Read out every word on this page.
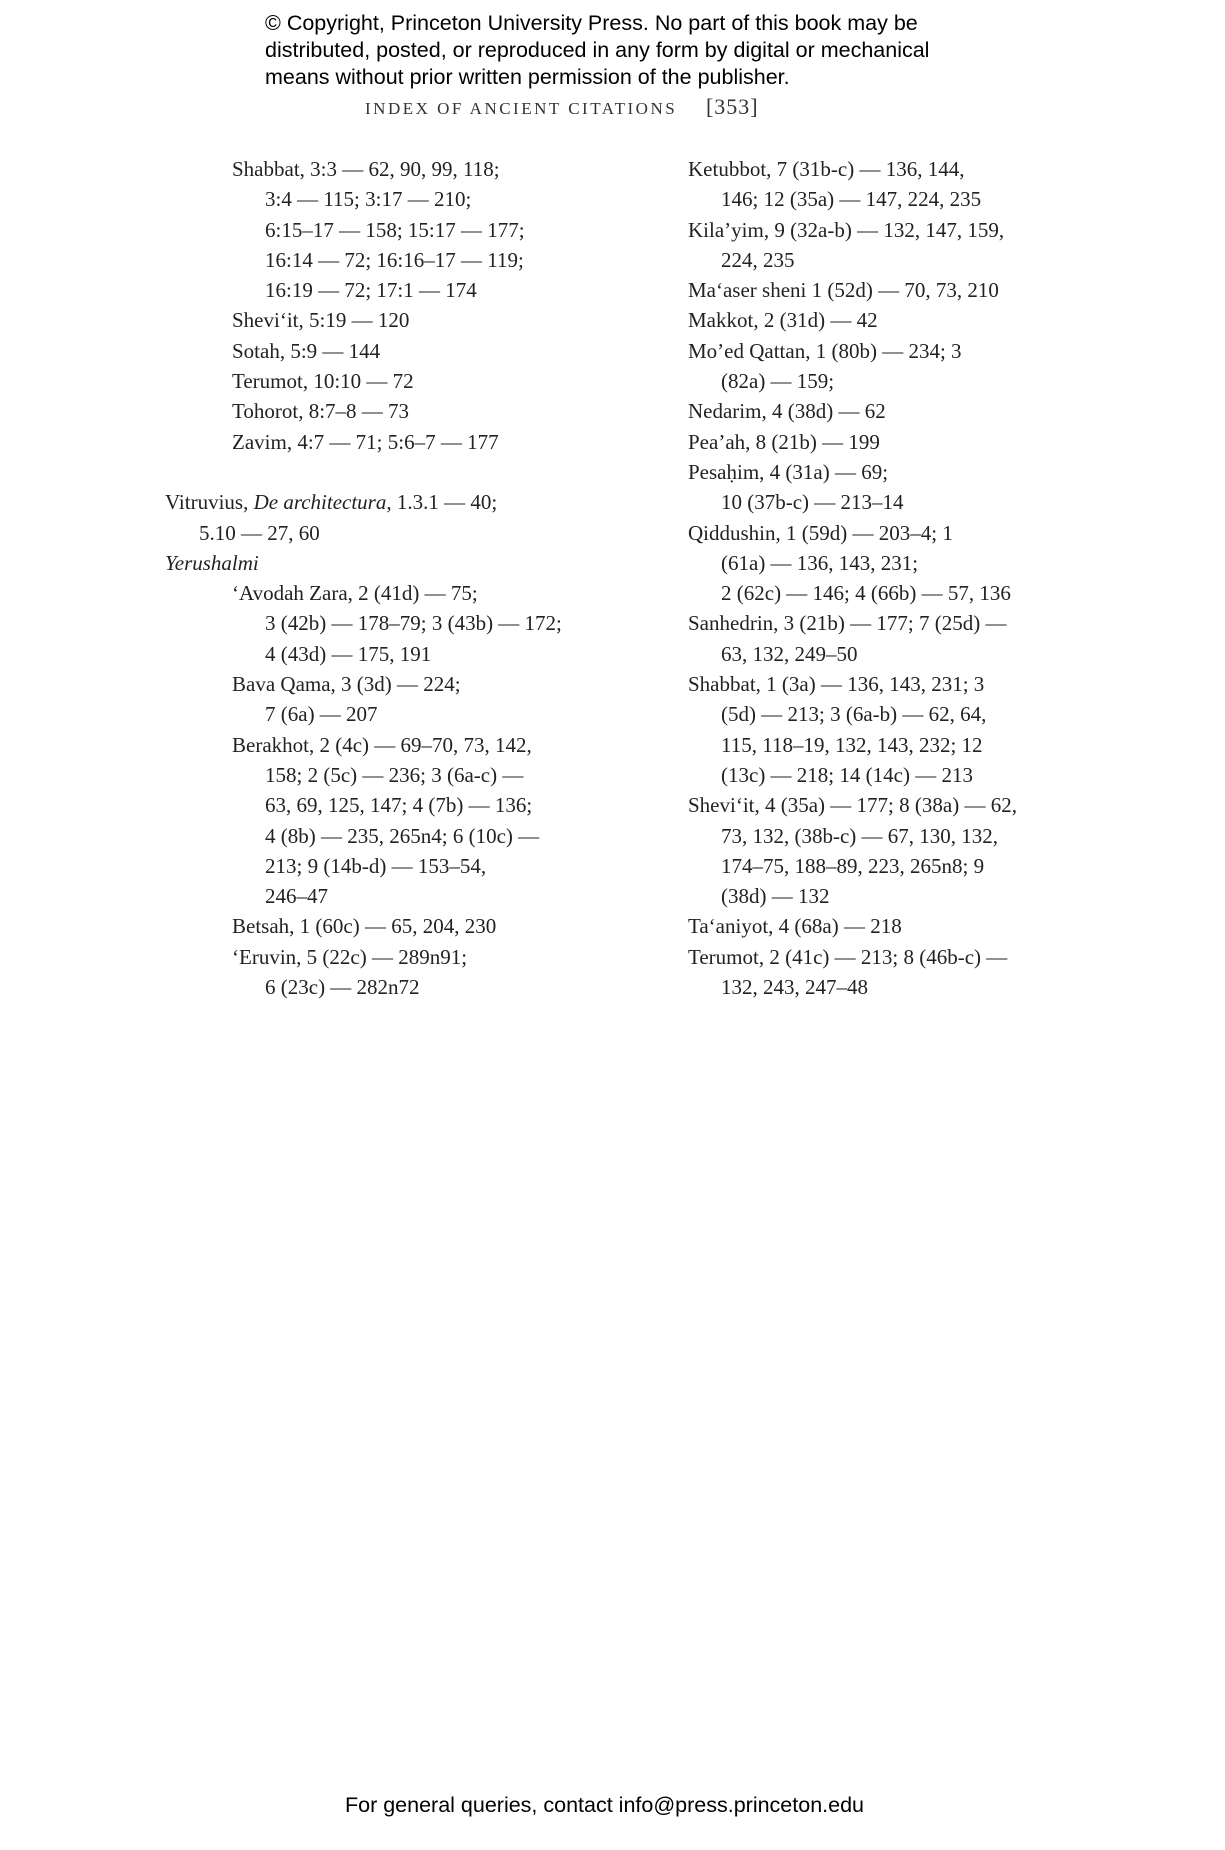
© Copyright, Princeton University Press. No part of this book may be
distributed, posted, or reproduced in any form by digital or mechanical
means without prior written permission of the publisher.
INDEX OF ANCIENT CITATIONS [353]
Shabbat, 3:3 — 62, 90, 99, 118;
3:4 — 115; 3:17 — 210;
6:15–17 — 158; 15:17 — 177;
16:14 — 72; 16:16–17 — 119;
16:19 — 72; 17:1 — 174
Shevi‘it, 5:19 — 120
Sotah, 5:9 — 144
Terumot, 10:10 — 72
Tohorot, 8:7–8 — 73
Zavim, 4:7 — 71; 5:6–7 — 177
Vitruvius, De architectura, 1.3.1 — 40;
5.10 — 27, 60
Yerushalmi
‘Avodah Zara, 2 (41d) — 75;
3 (42b) — 178–79; 3 (43b) — 172;
4 (43d) — 175, 191
Bava Qama, 3 (3d) — 224;
7 (6a) — 207
Berakhot, 2 (4c) — 69–70, 73, 142,
158; 2 (5c) — 236; 3 (6a-c) —
63, 69, 125, 147; 4 (7b) — 136;
4 (8b) — 235, 265n4; 6 (10c) —
213; 9 (14b-d) — 153–54,
246–47
Betsah, 1 (60c) — 65, 204, 230
‘Eruvin, 5 (22c) — 289n91;
6 (23c) — 282n72
Ketubbot, 7 (31b-c) — 136, 144,
146; 12 (35a) — 147, 224, 235
Kila’yim, 9 (32a-b) — 132, 147, 159,
224, 235
Ma‘aser sheni 1 (52d) — 70, 73, 210
Makkot, 2 (31d) — 42
Mo’ed Qattan, 1 (80b) — 234; 3
(82a) — 159;
Nedarim, 4 (38d) — 62
Pea’ah, 8 (21b) — 199
Pesaḥim, 4 (31a) — 69;
10 (37b-c) — 213–14
Qiddushin, 1 (59d) — 203–4; 1
(61a) — 136, 143, 231;
2 (62c) — 146; 4 (66b) — 57, 136
Sanhedrin, 3 (21b) — 177; 7 (25d) —
63, 132, 249–50
Shabbat, 1 (3a) — 136, 143, 231; 3
(5d) — 213; 3 (6a-b) — 62, 64,
115, 118–19, 132, 143, 232; 12
(13c) — 218; 14 (14c) — 213
Shevi‘it, 4 (35a) — 177; 8 (38a) — 62,
73, 132, (38b-c) — 67, 130, 132,
174–75, 188–89, 223, 265n8; 9
(38d) — 132
Ta‘aniyot, 4 (68a) — 218
Terumot, 2 (41c) — 213; 8 (46b-c) —
132, 243, 247–48
For general queries, contact info@press.princeton.edu
